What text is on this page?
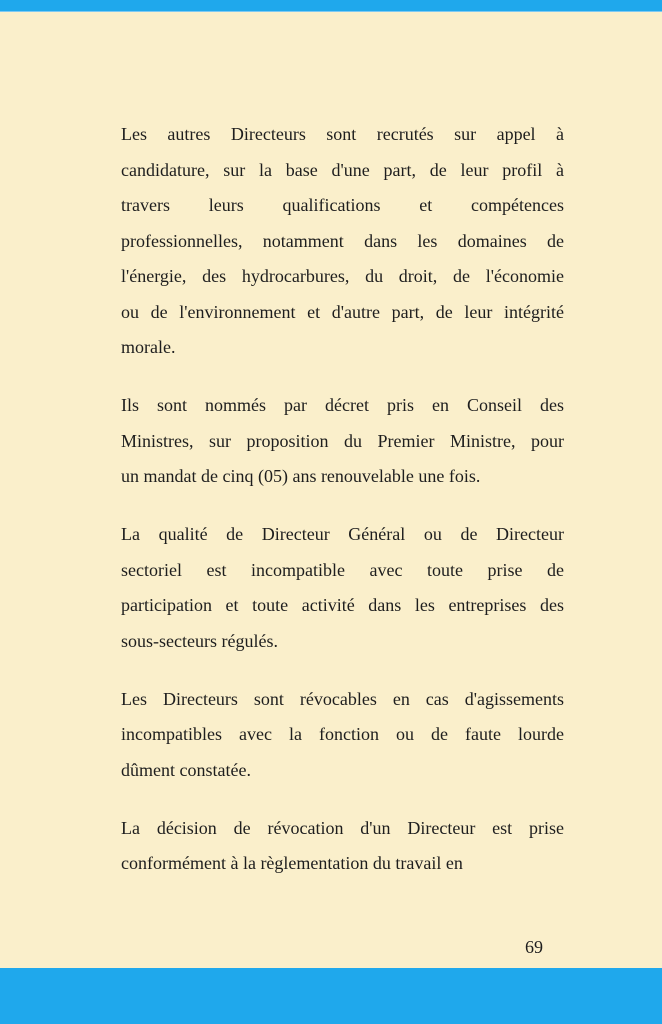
Les autres Directeurs sont recrutés sur appel à
candidature, sur la base d'une part, de leur profil à
travers leurs qualifications et compétences
professionnelles, notamment dans les domaines de
l'énergie, des hydrocarbures, du droit, de l'économie
ou de l'environnement et d'autre part, de leur intégrité
morale.
Ils sont nommés par décret pris en Conseil des
Ministres, sur proposition du Premier Ministre, pour
un mandat de cinq (05) ans renouvelable une fois.
La qualité de Directeur Général ou de Directeur
sectoriel est incompatible avec toute prise de
participation et toute activité dans les entreprises des
sous-secteurs régulés.
Les Directeurs sont révocables en cas d'agissements
incompatibles avec la fonction ou de faute lourde
dûment constatée.
La décision de révocation d'un Directeur est prise
conformément à la règlementation du travail en
69
